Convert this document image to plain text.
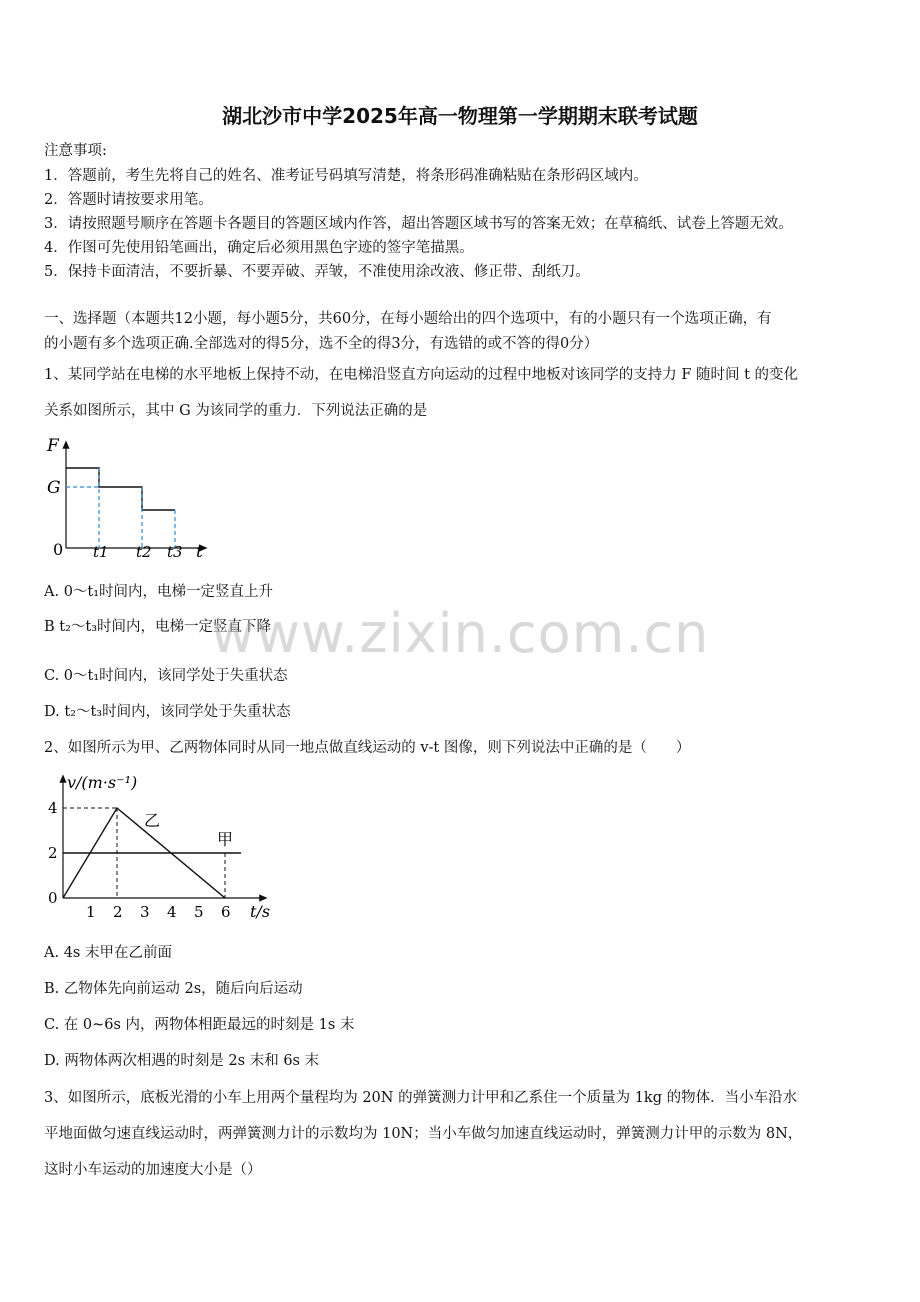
湖北沙市中学2025年高一物理第一学期期末联考试题
注意事项:
1．答题前，考生先将自己的姓名、准考证号码填写清楚，将条形码准确粘贴在条形码区域内。
2．答题时请按要求用笔。
3．请按照题号顺序在答题卡各题目的答题区域内作答，超出答题区域书写的答案无效；在草稿纸、试卷上答题无效。
4．作图可先使用铅笔画出，确定后必须用黑色字迹的签字笔描黑。
5．保持卡面清洁，不要折暴、不要弄破、弄皱，不准使用涂改液、修正带、刮纸刀。
一、选择题（本题共12小题，每小题5分，共60分，在每小题给出的四个选项中，有的小题只有一个选项正确，有
的小题有多个选项正确.全部选对的得5分，选不全的得3分，有选错的或不答的得0分）
1、某同学站在电梯的水平地板上保持不动，在电梯沿竖直方向运动的过程中地板对该同学的支持力 F 随时间 t 的变化
关系如图所示，其中 G 为该同学的重力．下列说法正确的是
F
G
0 t1 t2 t3 t
A. 0～t₁时间内，电梯一定竖直上升
B t₂～t₃时间内，电梯一定竖直下降
C. 0～t₁时间内，该同学处于失重状态
D. t₂～t₃时间内，该同学处于失重状态
2、如图所示为甲、乙两物体同时从同一地点做直线运动的 v-t 图像，则下列说法中正确的是（　　）
v/(m·s⁻¹)
t/s
1 2 3 4 5 6
0
2
4
乙
甲
A. 4s 末甲在乙前面
B. 乙物体先向前运动 2s，随后向后运动
C. 在 0~6s 内，两物体相距最远的时刻是 1s 末
D. 两物体两次相遇的时刻是 2s 末和 6s 末
3、如图所示，底板光滑的小车上用两个量程均为 20N 的弹簧测力计甲和乙系住一个质量为 1kg 的物体．当小车沿水
平地面做匀速直线运动时，两弹簧测力计的示数均为 10N；当小车做匀加速直线运动时，弹簧测力计甲的示数为 8N，
这时小车运动的加速度大小是（）
www.zixin.com.cn
